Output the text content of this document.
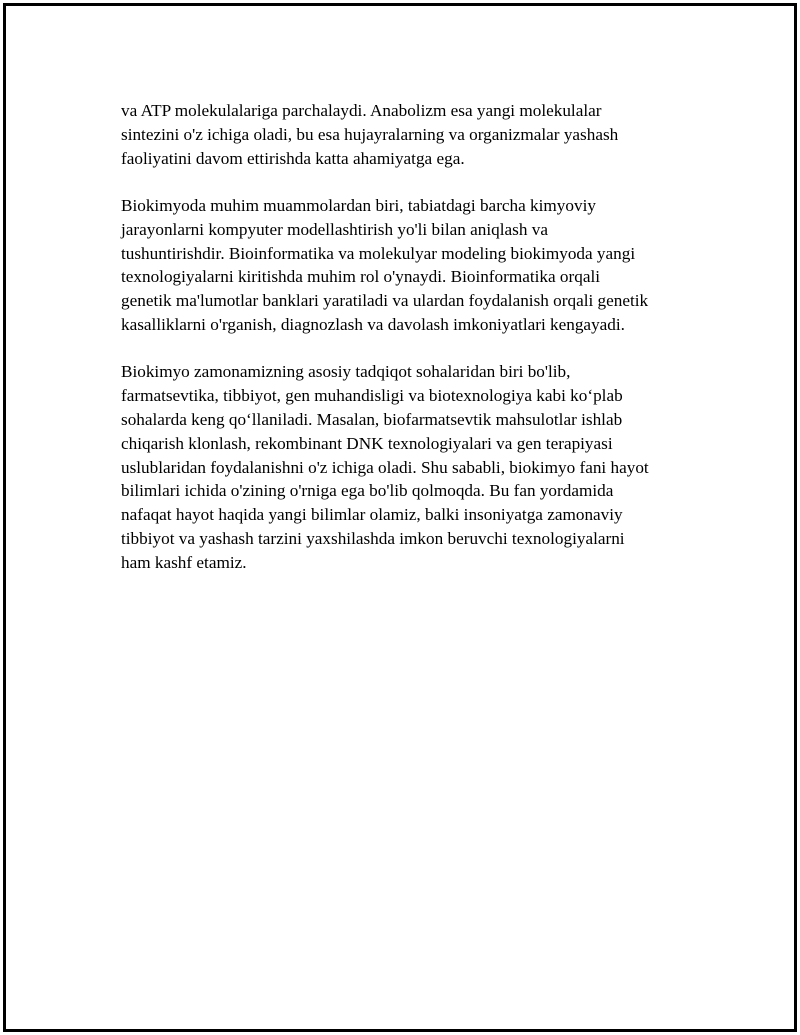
va ATP molekulalariga parchalaydi. Anabolizm esa yangi molekulalar
sintezini o'z ichiga oladi, bu esa hujayralarning va organizmalar yashash
faoliyatini davom ettirishda katta ahamiyatga ega.

Biokimyoda muhim muammolardan biri, tabiatdagi barcha kimyoviy
jarayonlarni kompyuter modellashtirish yo'li bilan aniqlash va
tushuntirishdir. Bioinformatika va molekulyar modeling biokimyoda yangi
texnologiyalarni kiritishda muhim rol o'ynaydi. Bioinformatika orqali
genetik ma'lumotlar banklari yaratiladi va ulardan foydalanish orqali genetik
kasalliklarni o'rganish, diagnozlash va davolash imkoniyatlari kengayadi.

Biokimyo zamonamizning asosiy tadqiqot sohalaridan biri bo'lib,
farmatsevtika, tibbiyot, gen muhandisligi va biotexnologiya kabi ko‘plab
sohalarda keng qo‘llaniladi. Masalan, biofarmatsevtik mahsulotlar ishlab
chiqarish klonlash, rekombinant DNK texnologiyalari va gen terapiyasi
uslublaridan foydalanishni o'z ichiga oladi. Shu sababli, biokimyo fani hayot
bilimlari ichida o'zining o'rniga ega bo'lib qolmoqda. Bu fan yordamida
nafaqat hayot haqida yangi bilimlar olamiz, balki insoniyatga zamonaviy
tibbiyot va yashash tarzini yaxshilashda imkon beruvchi texnologiyalarni
ham kashf etamiz.
